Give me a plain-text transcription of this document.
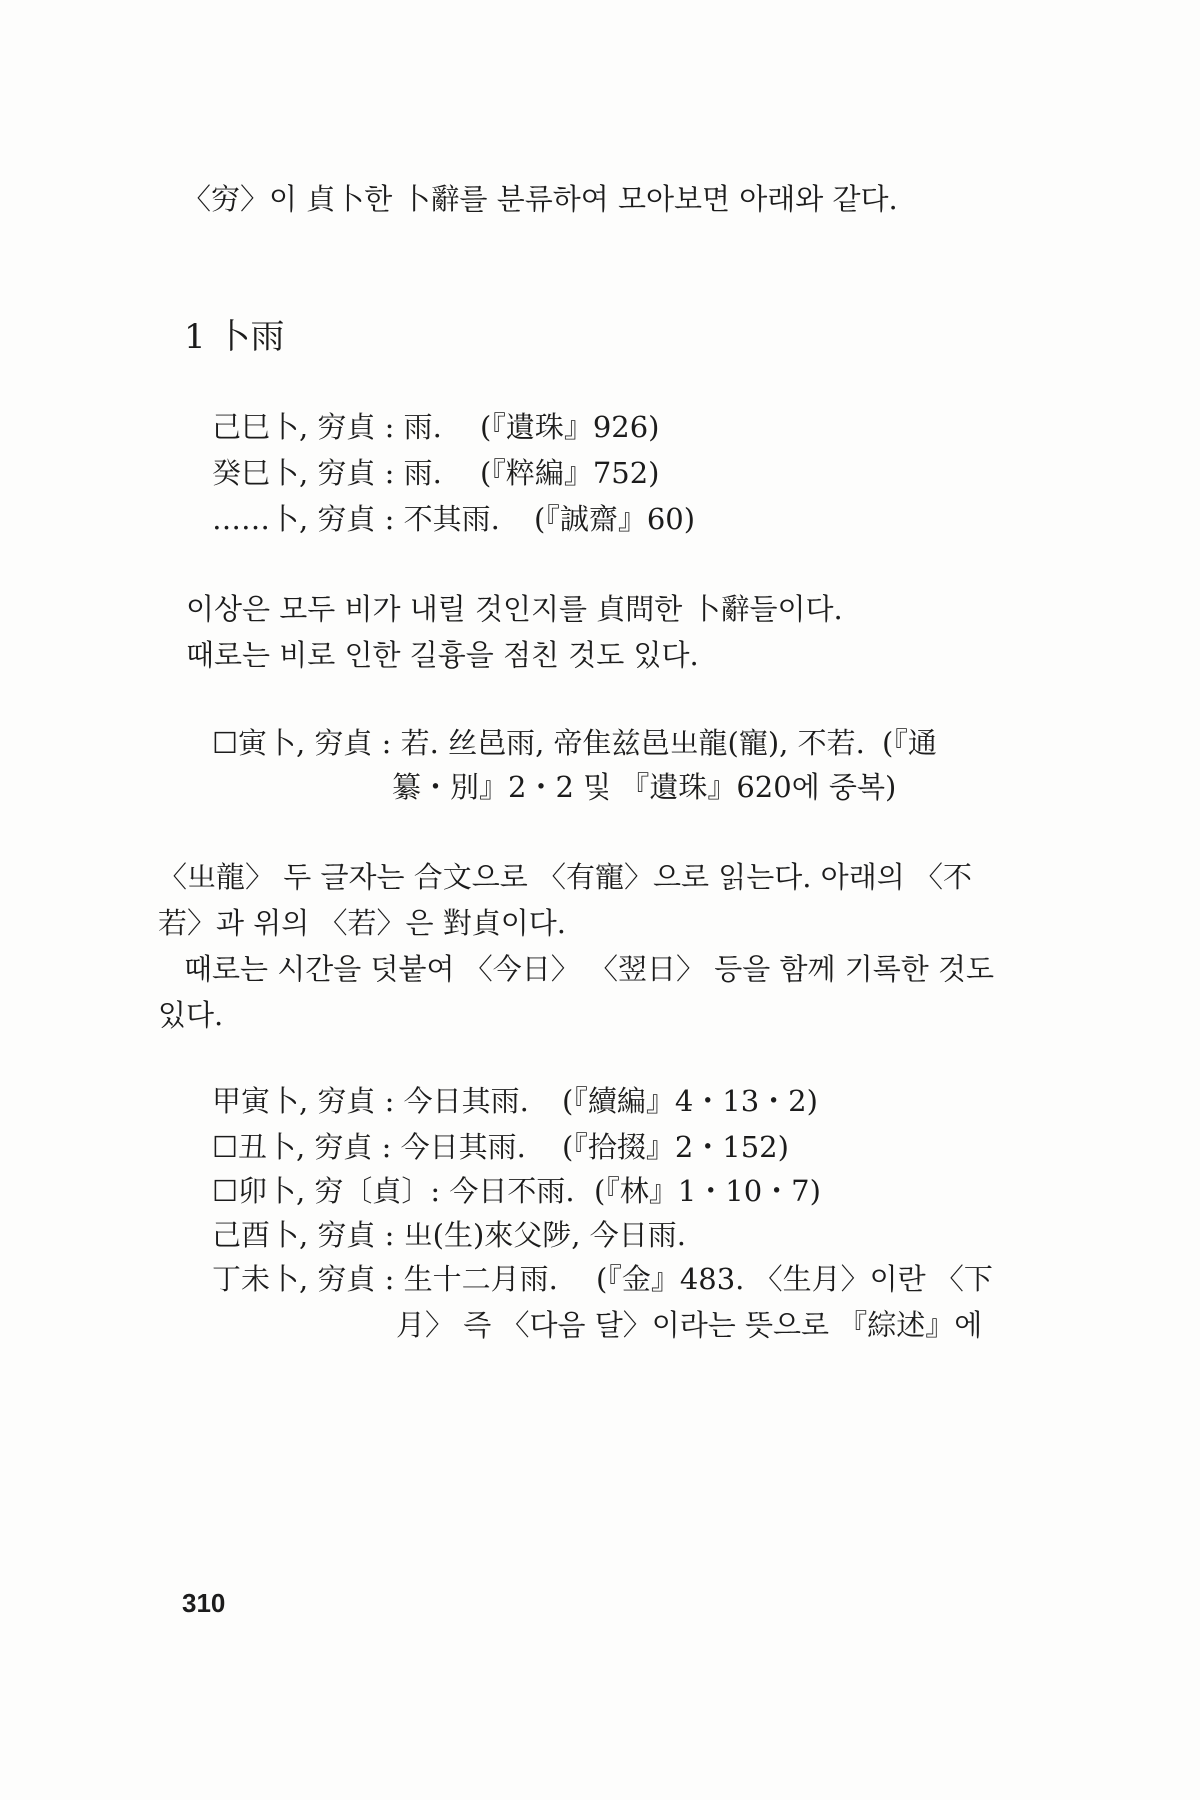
〈穷〉이 貞卜한 卜辭를 분류하여 모아보면 아래와 같다.
1 卜雨
己巳卜, 穷貞 : 雨. (『遺珠』926)
癸巳卜, 穷貞 : 雨. (『粹編』752)
……卜, 穷貞 : 不其雨. (『誠齋』60)
이상은 모두 비가 내릴 것인지를 貞問한 卜辭들이다.
때로는 비로 인한 길흉을 점친 것도 있다.
☐寅卜, 穷貞 : 若. 丝邑雨, 帝隹兹邑㞢龍(寵), 不若. (『通
纂・別』2・2 및 『遺珠』620에 중복)
〈㞢龍〉 두 글자는 合文으로 〈有寵〉으로 읽는다. 아래의 〈不
若〉과 위의 〈若〉은 對貞이다.
때로는 시간을 덧붙여 〈今日〉 〈翌日〉 등을 함께 기록한 것도
있다.
甲寅卜, 穷貞 : 今日其雨. (『續編』4・13・2)
☐丑卜, 穷貞 : 今日其雨. (『拾掇』2・152)
☐卯卜, 穷〔貞〕: 今日不雨. (『林』1・10・7)
己酉卜, 穷貞 : 㞢(生)來父陟, 今日雨.
丁未卜, 穷貞 : 生十二月雨. (『金』483. 〈生月〉이란 〈下
月〉 즉 〈다음 달〉이라는 뜻으로 『綜述』에
310
